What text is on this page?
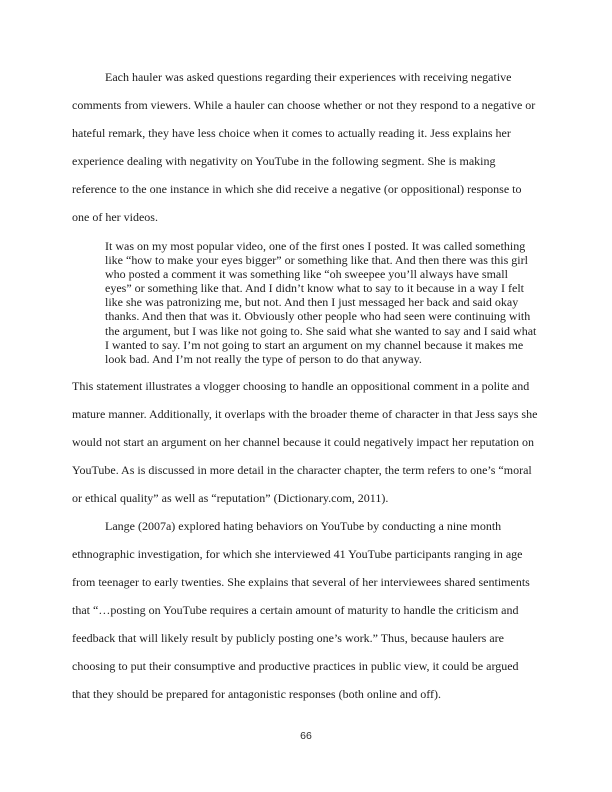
Each hauler was asked questions regarding their experiences with receiving negative
comments from viewers. While a hauler can choose whether or not they respond to a negative or
hateful remark, they have less choice when it comes to actually reading it. Jess explains her
experience dealing with negativity on YouTube in the following segment. She is making
reference to the one instance in which she did receive a negative (or oppositional) response to
one of her videos.
It was on my most popular video, one of the first ones I posted. It was called something
like “how to make your eyes bigger” or something like that. And then there was this girl
who posted a comment it was something like “oh sweepee you’ll always have small
eyes” or something like that. And I didn’t know what to say to it because in a way I felt
like she was patronizing me, but not. And then I just messaged her back and said okay
thanks. And then that was it. Obviously other people who had seen were continuing with
the argument, but I was like not going to. She said what she wanted to say and I said what
I wanted to say. I’m not going to start an argument on my channel because it makes me
look bad. And I’m not really the type of person to do that anyway.
This statement illustrates a vlogger choosing to handle an oppositional comment in a polite and
mature manner. Additionally, it overlaps with the broader theme of character in that Jess says she
would not start an argument on her channel because it could negatively impact her reputation on
YouTube. As is discussed in more detail in the character chapter, the term refers to one’s “moral
or ethical quality” as well as “reputation” (Dictionary.com, 2011).
Lange (2007a) explored hating behaviors on YouTube by conducting a nine month
ethnographic investigation, for which she interviewed 41 YouTube participants ranging in age
from teenager to early twenties. She explains that several of her interviewees shared sentiments
that “…posting on YouTube requires a certain amount of maturity to handle the criticism and
feedback that will likely result by publicly posting one’s work.” Thus, because haulers are
choosing to put their consumptive and productive practices in public view, it could be argued
that they should be prepared for antagonistic responses (both online and off).
66
